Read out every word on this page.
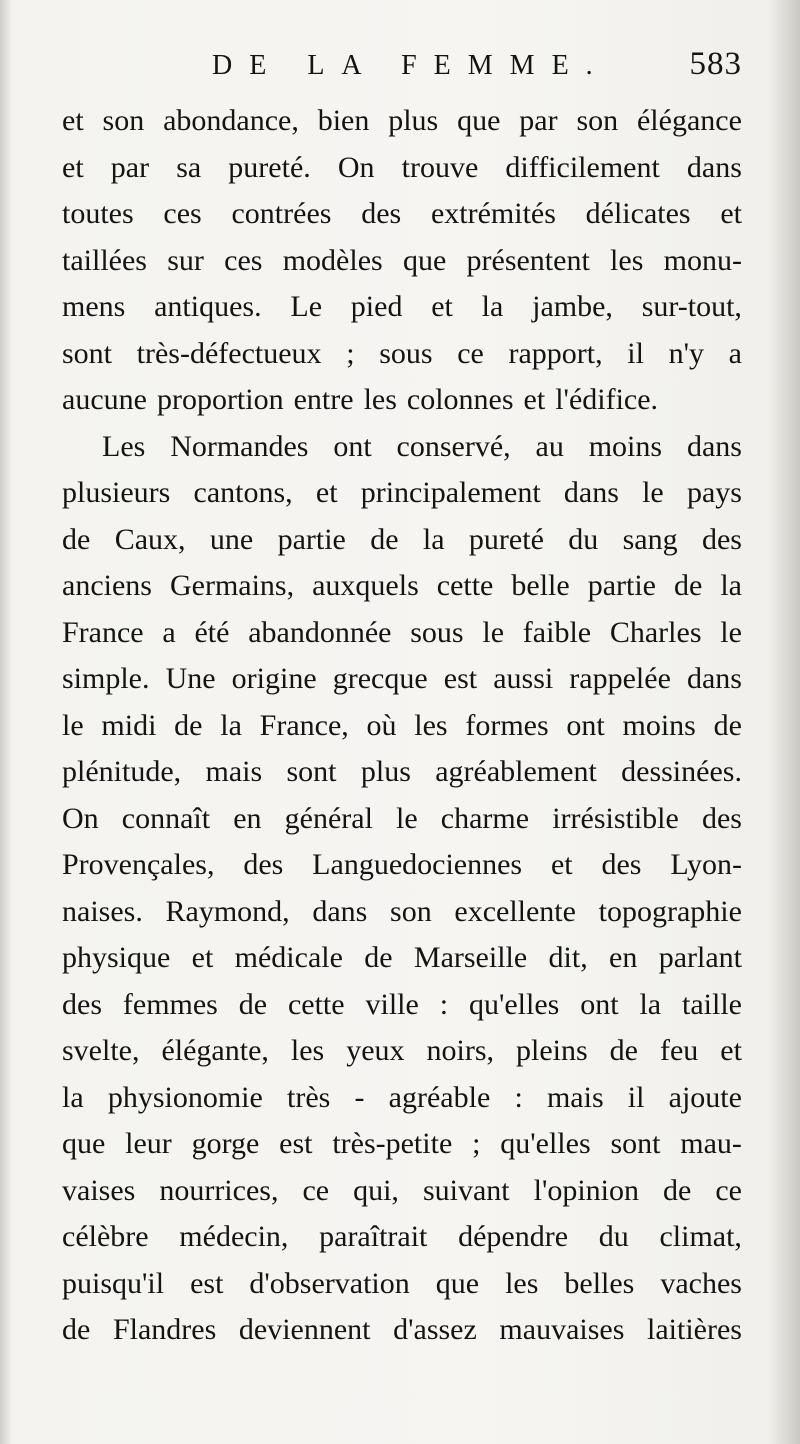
DE LA FEMME. 583
et son abondance, bien plus que par son élégance
et par sa pureté. On trouve difficilement dans
toutes ces contrées des extrémités délicates et
taillées sur ces modèles que présentent les monu-
mens antiques. Le pied et la jambe, sur-tout,
sont très-défectueux ; sous ce rapport, il n'y a
aucune proportion entre les colonnes et l'édifice.
Les Normandes ont conservé, au moins dans
plusieurs cantons, et principalement dans le pays
de Caux, une partie de la pureté du sang des
anciens Germains, auxquels cette belle partie de la
France a été abandonnée sous le faible Charles le
simple. Une origine grecque est aussi rappelée dans
le midi de la France, où les formes ont moins de
plénitude, mais sont plus agréablement dessinées.
On connaît en général le charme irrésistible des
Provençales, des Languedociennes et des Lyon-
naises. Raymond, dans son excellente topographie
physique et médicale de Marseille dit, en parlant
des femmes de cette ville : qu'elles ont la taille
svelte, élégante, les yeux noirs, pleins de feu et
la physionomie très - agréable : mais il ajoute
que leur gorge est très-petite ; qu'elles sont mau-
vaises nourrices, ce qui, suivant l'opinion de ce
célèbre médecin, paraîtrait dépendre du climat,
puisqu'il est d'observation que les belles vaches
de Flandres deviennent d'assez mauvaises laitières
